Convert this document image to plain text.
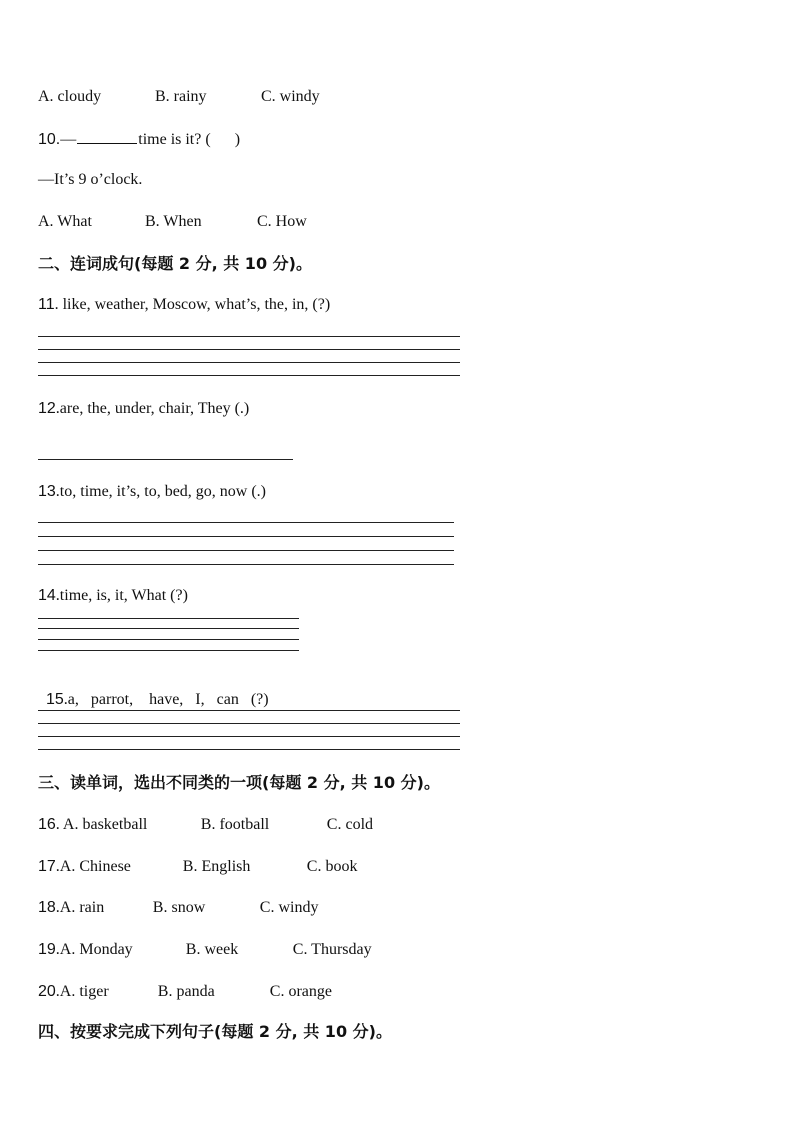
A. cloudy	B. rainy	C. windy
10.—	time is it? ( )
—It’s 9 o’clock.
A. What	B. When	C. How
二、连词成句(每题 2 分, 共 10 分)。
11. like, weather, Moscow, what’s, the, in, (?)
12.are, the, under, chair, They (.)
13.to, time, it’s, to, bed, go, now (.)
14.time, is, it, What (?)

15.a,   parrot,    have,   I,   can   (?)

三、读单词，选出不同类的一项(每题 2 分, 共 10 分)。
16. A. basketball	B. football	C. cold
17.A. Chinese	B. English	C. book
18.A. rain	B. snow	C. windy
19.A. Monday	B. week	C. Thursday
20.A. tiger	B. panda	C. orange
四、按要求完成下列句子(每题 2 分, 共 10 分)。
